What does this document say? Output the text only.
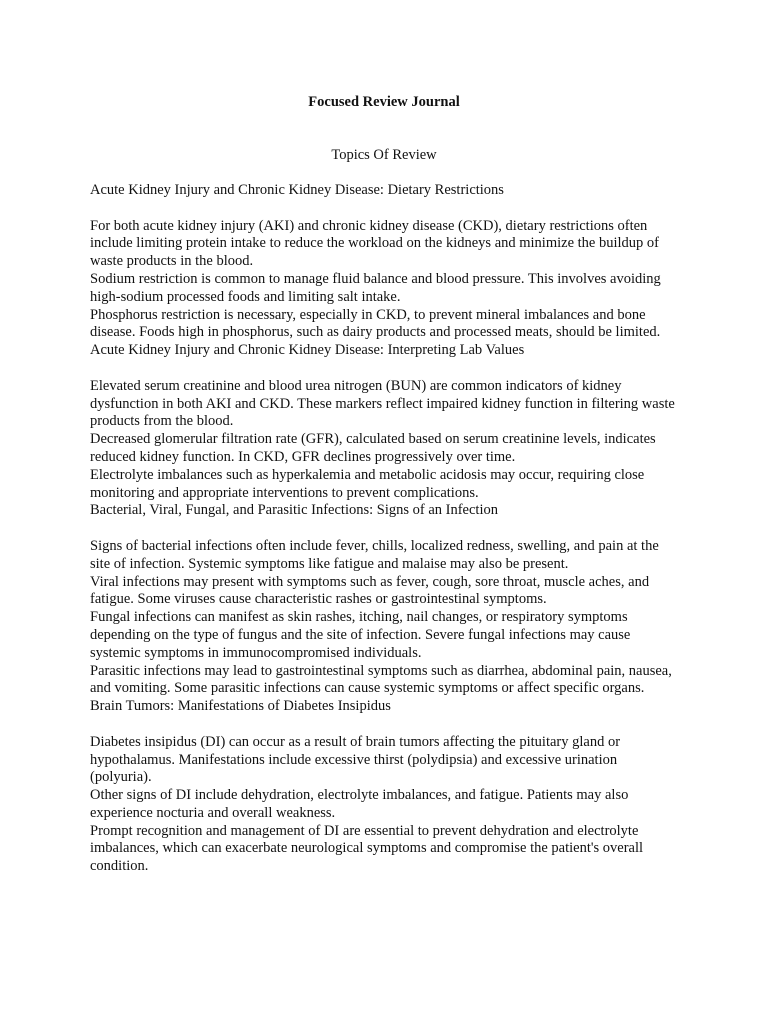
Focused Review Journal
Topics Of Review

Acute Kidney Injury and Chronic Kidney Disease: Dietary Restrictions

For both acute kidney injury (AKI) and chronic kidney disease (CKD), dietary restrictions often include limiting protein intake to reduce the workload on the kidneys and minimize the buildup of waste products in the blood.

Sodium restriction is common to manage fluid balance and blood pressure. This involves avoiding high-sodium processed foods and limiting salt intake.

Phosphorus restriction is necessary, especially in CKD, to prevent mineral imbalances and bone disease. Foods high in phosphorus, such as dairy products and processed meats, should be limited.

Acute Kidney Injury and Chronic Kidney Disease: Interpreting Lab Values

Elevated serum creatinine and blood urea nitrogen (BUN) are common indicators of kidney dysfunction in both AKI and CKD. These markers reflect impaired kidney function in filtering waste products from the blood.

Decreased glomerular filtration rate (GFR), calculated based on serum creatinine levels, indicates reduced kidney function. In CKD, GFR declines progressively over time.

Electrolyte imbalances such as hyperkalemia and metabolic acidosis may occur, requiring close monitoring and appropriate interventions to prevent complications.

Bacterial, Viral, Fungal, and Parasitic Infections: Signs of an Infection

Signs of bacterial infections often include fever, chills, localized redness, swelling, and pain at the site of infection. Systemic symptoms like fatigue and malaise may also be present.

Viral infections may present with symptoms such as fever, cough, sore throat, muscle aches, and fatigue. Some viruses cause characteristic rashes or gastrointestinal symptoms.

Fungal infections can manifest as skin rashes, itching, nail changes, or respiratory symptoms depending on the type of fungus and the site of infection. Severe fungal infections may cause systemic symptoms in immunocompromised individuals.

Parasitic infections may lead to gastrointestinal symptoms such as diarrhea, abdominal pain, nausea, and vomiting. Some parasitic infections can cause systemic symptoms or affect specific organs.

Brain Tumors: Manifestations of Diabetes Insipidus

Diabetes insipidus (DI) can occur as a result of brain tumors affecting the pituitary gland or hypothalamus. Manifestations include excessive thirst (polydipsia) and excessive urination (polyuria).

Other signs of DI include dehydration, electrolyte imbalances, and fatigue. Patients may also experience nocturia and overall weakness.

Prompt recognition and management of DI are essential to prevent dehydration and electrolyte imbalances, which can exacerbate neurological symptoms and compromise the patient's overall condition.
